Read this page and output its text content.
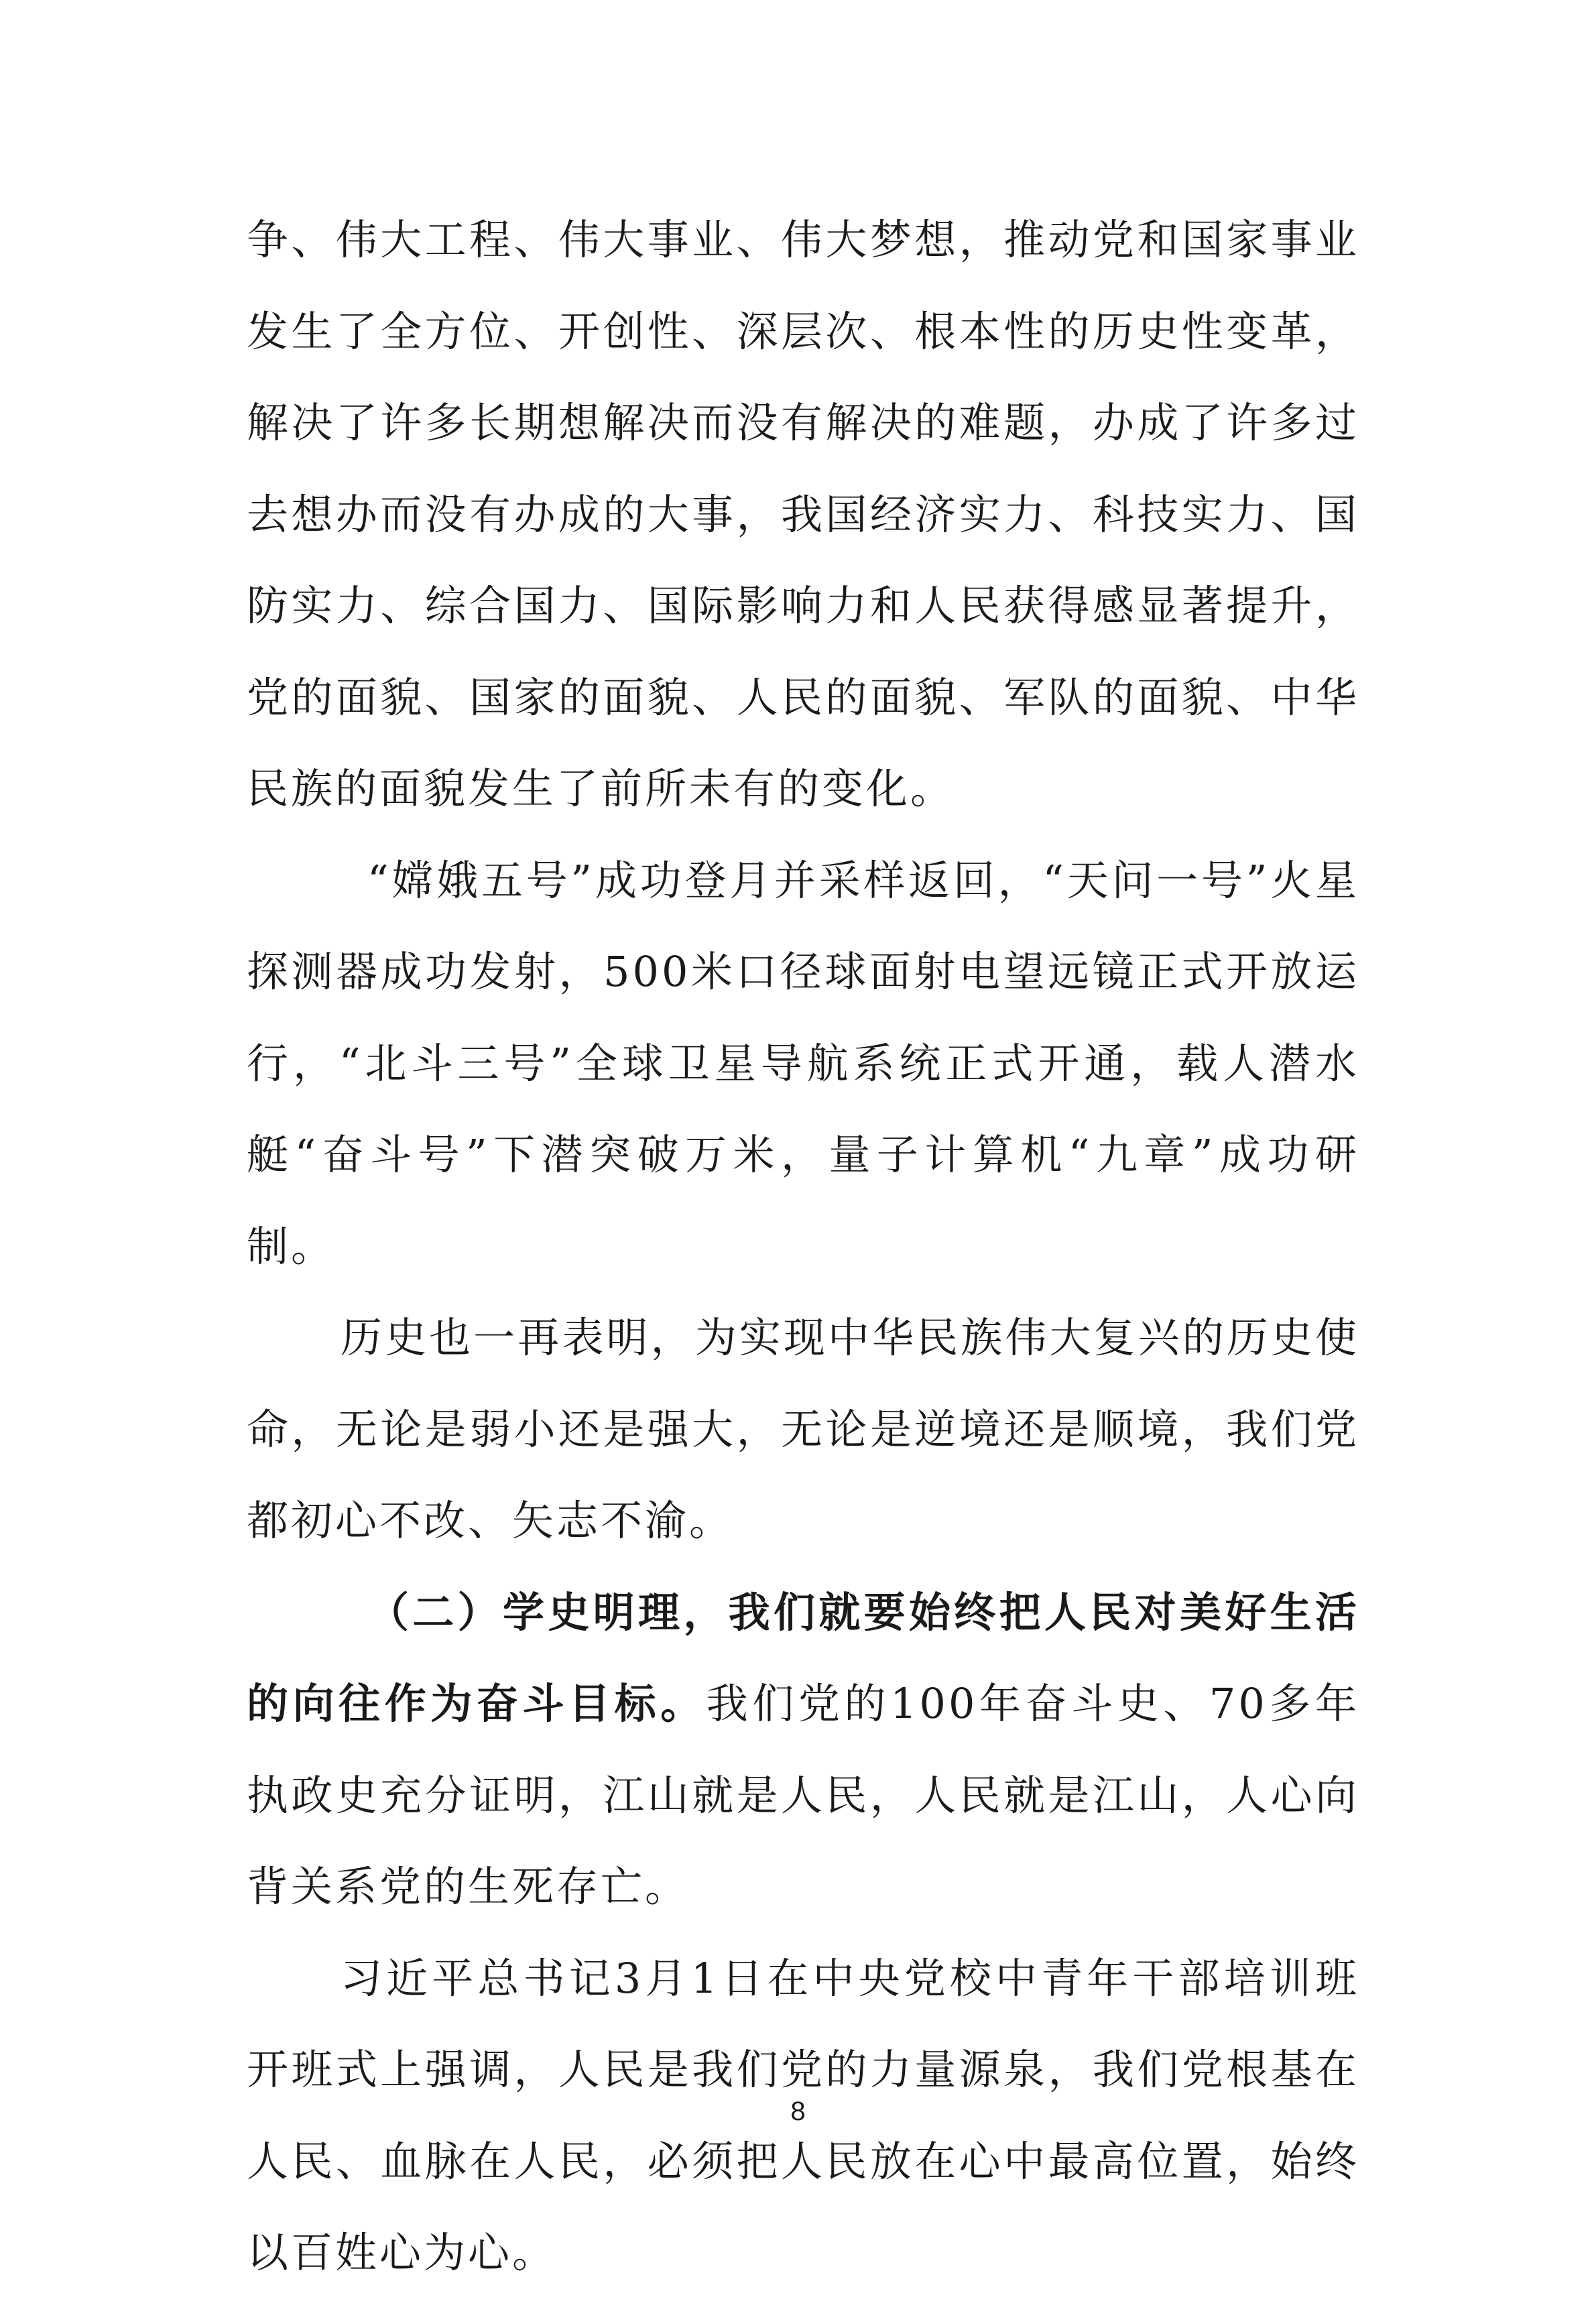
争、伟大工程、伟大事业、伟大梦想，推动党和国家事业发生了全方位、开创性、深层次、根本性的历史性变革，解决了许多长期想解决而没有解决的难题，办成了许多过去想办而没有办成的大事，我国经济实力、科技实力、国防实力、综合国力、国际影响力和人民获得感显著提升，党的面貌、国家的面貌、人民的面貌、军队的面貌、中华民族的面貌发生了前所未有的变化。

“嫦娥五号”成功登月并采样返回，“天问一号”火星探测器成功发射，500米口径球面射电望远镜正式开放运行，“北斗三号”全球卫星导航系统正式开通，载人潜水艇“奋斗号”下潜突破万米，量子计算机“九章”成功研制。

历史也一再表明，为实现中华民族伟大复兴的历史使命，无论是弱小还是强大，无论是逆境还是顺境，我们党都初心不改、矢志不渝。

（二）学史明理，我们就要始终把人民对美好生活的向往作为奋斗目标。我们党的100年奋斗史、70多年执政史充分证明，江山就是人民，人民就是江山，人心向背关系党的生死存亡。

习近平总书记3月1日在中央党校中青年干部培训班开班式上强调，人民是我们党的力量源泉，我们党根基在人民、血脉在人民，必须把人民放在心中最高位置，始终以百姓心为心。

8
